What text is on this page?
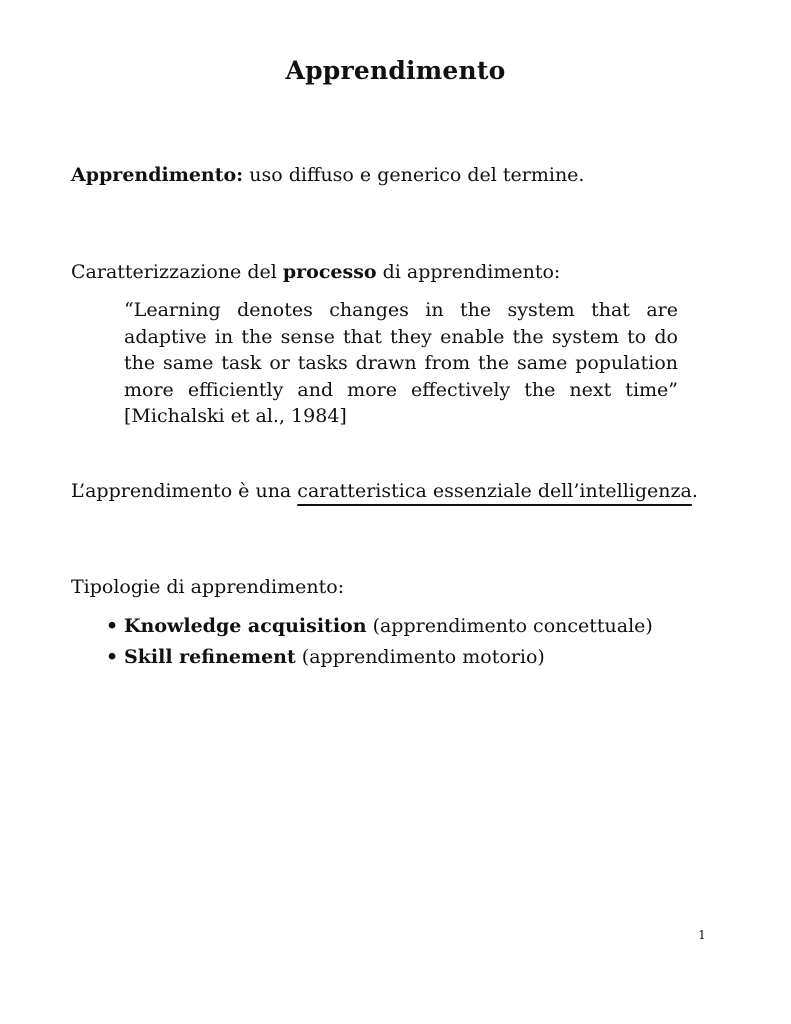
Apprendimento

Apprendimento: uso diffuso e generico del termine.

Caratterizzazione del processo di apprendimento:

“Learning denotes changes in the system that are adaptive in the sense that they enable the system to do the same task or tasks drawn from the same population more efficiently and more effectively the next time” [Michalski et al., 1984]

L’apprendimento è una caratteristica essenziale dell’intelligenza.

Tipologie di apprendimento:

• Knowledge acquisition (apprendimento concettuale)
• Skill refinement (apprendimento motorio)
1
